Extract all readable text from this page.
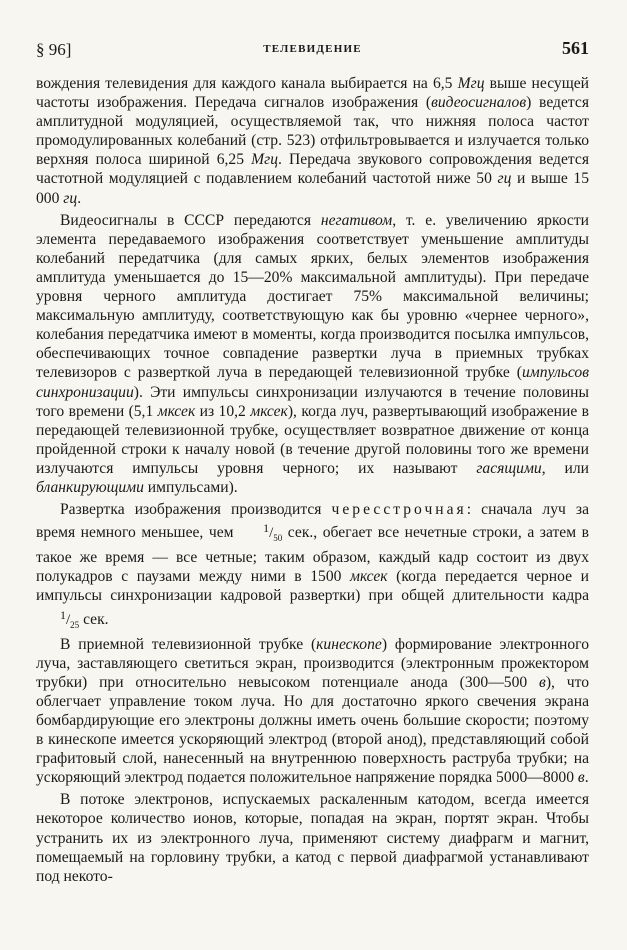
§ 96]	ТЕЛЕВИДЕНИЕ	561

вождения телевидения для каждого канала выбирается на 6,5 Мгц выше несущей частоты изображения. Передача сигналов изображения (видеосигналов) ведется амплитудной модуляцией, осуществляемой так, что нижняя полоса частот промодулированных колебаний (стр. 523) отфильтровывается и излучается только верхняя полоса шириной 6,25 Мгц. Передача звукового сопровождения ведется частотной модуляцией с подавлением колебаний частотой ниже 50 гц и выше 15 000 гц.

Видеосигналы в СССР передаются негативом, т. е. увеличению яркости элемента передаваемого изображения соответствует уменьшение амплитуды колебаний передатчика (для самых ярких, белых элементов изображения амплитуда уменьшается до 15—20% максимальной амплитуды). При передаче уровня черного амплитуда достигает 75% максимальной величины; максимальную амплитуду, соответствующую как бы уровню «чернее черного», колебания передатчика имеют в моменты, когда производится посылка импульсов, обеспечивающих точное совпадение развертки луча в приемных трубках телевизоров с разверткой луча в передающей телевизионной трубке (импульсов синхронизации). Эти импульсы синхронизации излучаются в течение половины того времени (5,1 мксек из 10,2 мксек), когда луч, развертывающий изображение в передающей телевизионной трубке, осуществляет возвратное движение от конца пройденной строки к началу новой (в течение другой половины того же времени излучаются импульсы уровня черного; их называют гасящими, или бланкирующими импульсами).

Развертка изображения производится чересстрочная: сначала луч за время немного меньшее, чем $^1/_{50}$ сек., обегает все нечетные строки, а затем в такое же время — все четные; таким образом, каждый кадр состоит из двух полукадров с паузами между ними в 1500 мксек (когда передается черное и импульсы синхронизации кадровой развертки) при общей длительности кадра $^1/_{25}$ сек.

В приемной телевизионной трубке (кинескопе) формирование электронного луча, заставляющего светиться экран, производится (электронным прожектором трубки) при относительно невысоком потенциале анода (300—500 в), что облегчает управление током луча. Но для достаточно яркого свечения экрана бомбардирующие его электроны должны иметь очень большие скорости; поэтому в кинескопе имеется ускоряющий электрод (второй анод), представляющий собой графитовый слой, нанесенный на внутреннюю поверхность раструба трубки; на ускоряющий электрод подается положительное напряжение порядка 5000—8000 в.

В потоке электронов, испускаемых раскаленным катодом, всегда имеется некоторое количество ионов, которые, попадая на экран, портят экран. Чтобы устранить их из электронного луча, применяют систему диафрагм и магнит, помещаемый на горловину трубки, а катод с первой диафрагмой устанавливают под некото-
